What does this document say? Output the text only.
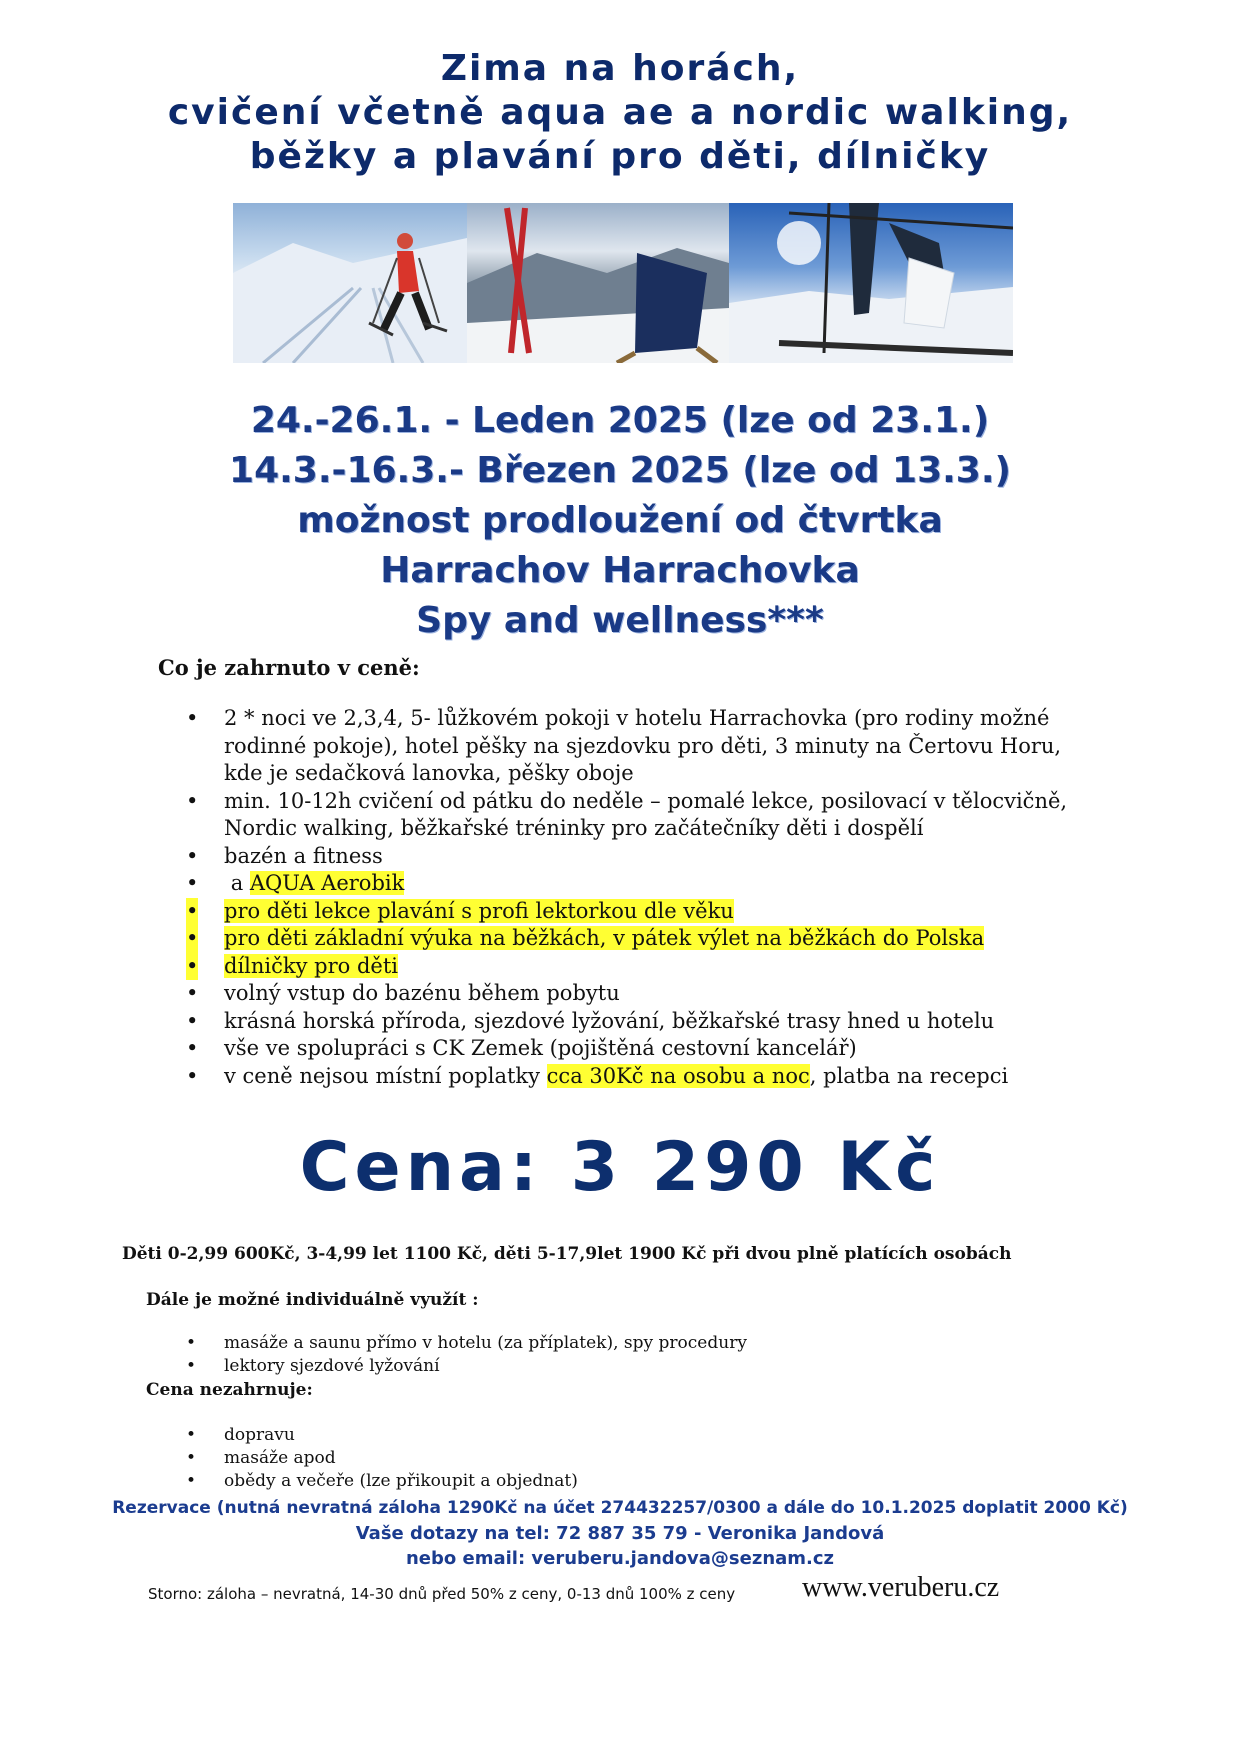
Zima na horách,
cvičení včetně aqua ae a nordic walking,
běžky a plavání pro děti, dílničky
24.-26.1. - Leden 2025 (lze od 23.1.)
14.3.-16.3.- Březen 2025 (lze od 13.3.)
možnost prodloužení od čtvrtka
Harrachov Harrachovka
Spy and wellness***
Co je zahrnuto v ceně:
• 2 * noci ve 2,3,4, 5- lůžkovém pokoji v hotelu Harrachovka (pro rodiny možné rodinné pokoje), hotel pěšky na sjezdovku pro děti, 3 minuty na Čertovu Horu, kde je sedačková lanovka, pěšky oboje
• min. 10-12h cvičení od pátku do neděle – pomalé lekce, posilovací v tělocvičně, Nordic walking, běžkařské tréninky pro začátečníky děti i dospělí
• bazén a fitness
• a AQUA Aerobik
• pro děti lekce plavání s profi lektorkou dle věku
• pro děti základní výuka na běžkách, v pátek výlet na běžkách do Polska
• dílničky pro děti
• volný vstup do bazénu během pobytu
• krásná horská příroda, sjezdové lyžování, běžkařské trasy hned u hotelu
• vše ve spolupráci s CK Zemek (pojištěná cestovní kancelář)
• v ceně nejsou místní poplatky cca 30Kč na osobu a noc, platba na recepci
Cena: 3 290 Kč
Děti 0-2,99 600Kč, 3-4,99 let 1100 Kč, děti 5-17,9let 1900 Kč při dvou plně platících osobách
Dále je možné individuálně využít :
• masáže a saunu přímo v hotelu (za příplatek), spy procedury
• lektory sjezdové lyžování
Cena nezahrnuje:
• dopravu
• masáže apod
• obědy a večeře (lze přikoupit a objednat)
Rezervace (nutná nevratná záloha 1290Kč na účet 274432257/0300 a dále do 10.1.2025 doplatit 2000 Kč)
Vaše dotazy na tel: 72 887 35 79 - Veronika Jandová
nebo email: veruberu.jandova@seznam.cz
Storno: záloha – nevratná, 14-30 dnů před 50% z ceny, 0-13 dnů 100% z ceny www.veruberu.cz
